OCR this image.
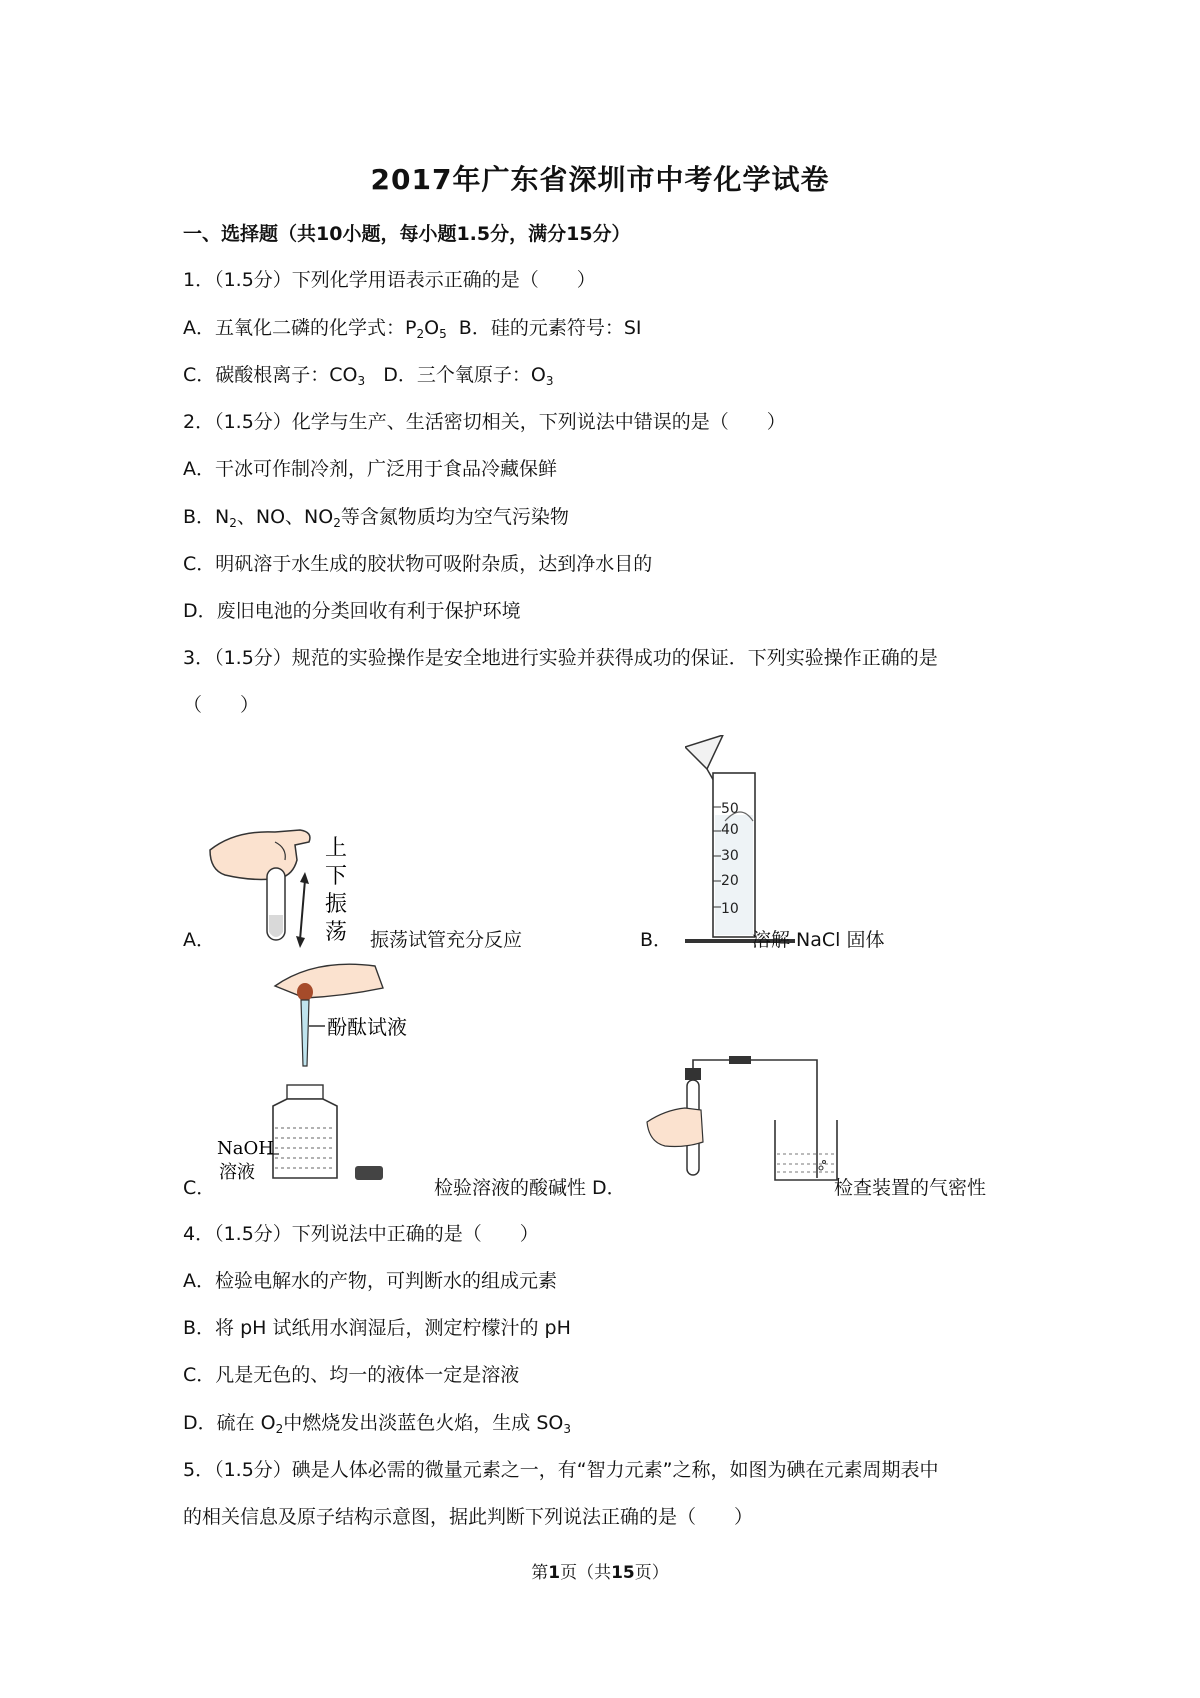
2017年广东省深圳市中考化学试卷
一、选择题（共10小题，每小题1.5分，满分15分）
1．（1.5分）下列化学用语表示正确的是（　　）
A．五氧化二磷的化学式：$P_2O_5$  B．硅的元素符号：SI
C．碳酸根离子：$CO_3$   D．三个氧原子：$O_3$
2．（1.5分）化学与生产、生活密切相关，下列说法中错误的是（　　）
A．干冰可作制冷剂，广泛用于食品冷藏保鲜
B．$N_2$、NO、$NO_2$等含氮物质均为空气污染物
C．明矾溶于水生成的胶状物可吸附杂质，达到净水目的
D．废旧电池的分类回收有利于保护环境
3．（1.5分）规范的实验操作是安全地进行实验并获得成功的保证．下列实验操作正确的是
（　　）
上
下
振
荡
A．	振荡试管充分反应
50
40
30
20
10
B．	溶解 NaCl 固体
酚酞试液
NaOH
溶液
C．	检验溶液的酸碱性 D．	检查装置的气密性
4．（1.5分）下列说法中正确的是（　　）
A．检验电解水的产物，可判断水的组成元素
B．将 pH 试纸用水润湿后，测定柠檬汁的 pH
C．凡是无色的、均一的液体一定是溶液
D．硫在 $O_2$中燃烧发出淡蓝色火焰，生成 $SO_3$
5．（1.5分）碘是人体必需的微量元素之一，有“智力元素”之称，如图为碘在元素周期表中
的相关信息及原子结构示意图，据此判断下列说法正确的是（　　）
第1页（共15页）
